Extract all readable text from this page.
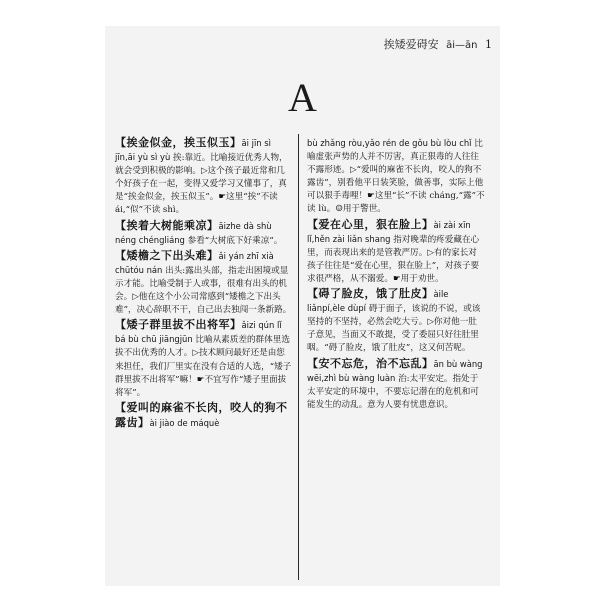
挨矮爱碍安 āi—ān 1
A
【挨金似金，挨玉似玉】āi jīn sì jīn,āi yù sì yù 挨:靠近。比喻接近优秀人物，就会受到积极的影响。▷这个孩子最近常和几个好孩子在一起，变得又爱学习又懂事了，真是“挨金似金，挨玉似玉”。☛这里“挨”不读 ái,“似”不读 shì。
【挨着大树能乘凉】āizhe dà shù néng chéngliáng 参看“大树底下好乘凉”。
【矮檐之下出头难】ǎi yán zhī xià chūtóu nán 出头:露出头部，指走出困境或显示才能。比喻受制于人或事，很难有出头的机会。▷他在这个小公司常感到“矮檐之下出头难”，决心辞职不干，自己出去独闯一条新路。
【矮子群里拔不出将军】ǎizi qún lǐ bá bù chū jiāngjūn 比喻从素质差的群体里选拔不出优秀的人才。▷技术顾问最好还是由您来担任，我们厂里实在没有合适的人选，“矮子群里拔不出将军”嘛！☛不宜写作“矮子里面拔将军”。
【爱叫的麻雀不长肉，咬人的狗不露齿】ài jiào de máquè
bù zhǎng ròu,yǎo rén de gǒu bù lòu chǐ 比喻虚张声势的人并不厉害，真正狠毒的人往往不露形迹。▷“爱叫的麻雀不长肉，咬人的狗不露齿”，别看他平日装笑脸，做善事，实际上他可以狠手毒哩！☛这里“长”不读 cháng,“露”不读 lù。☺用于警世。
【爱在心里，狠在脸上】ài zài xīn lǐ,hěn zài liǎn shang 指对晚辈的疼爱藏在心里，而表现出来的是管教严厉。▷有的家长对孩子往往是“爱在心里，狠在脸上”，对孩子要求很严格，从不溺爱。☛用于劝世。
【碍了脸皮，饿了肚皮】àile liǎnpí,èle dùpí 碍于面子，该说的不说，或该坚持的不坚持，必然会吃大亏。▷你对他一肚子意见，当面又不敢提，受了委屈只好往肚里咽。“碍了脸皮，饿了肚皮”，这又何苦呢。
【安不忘危，治不忘乱】ān bù wàng wēi,zhì bù wàng luàn 治:太平安定。指处于太平安定的环境中，不要忘记潜在的危机和可能发生的动乱。意为人要有忧患意识。
